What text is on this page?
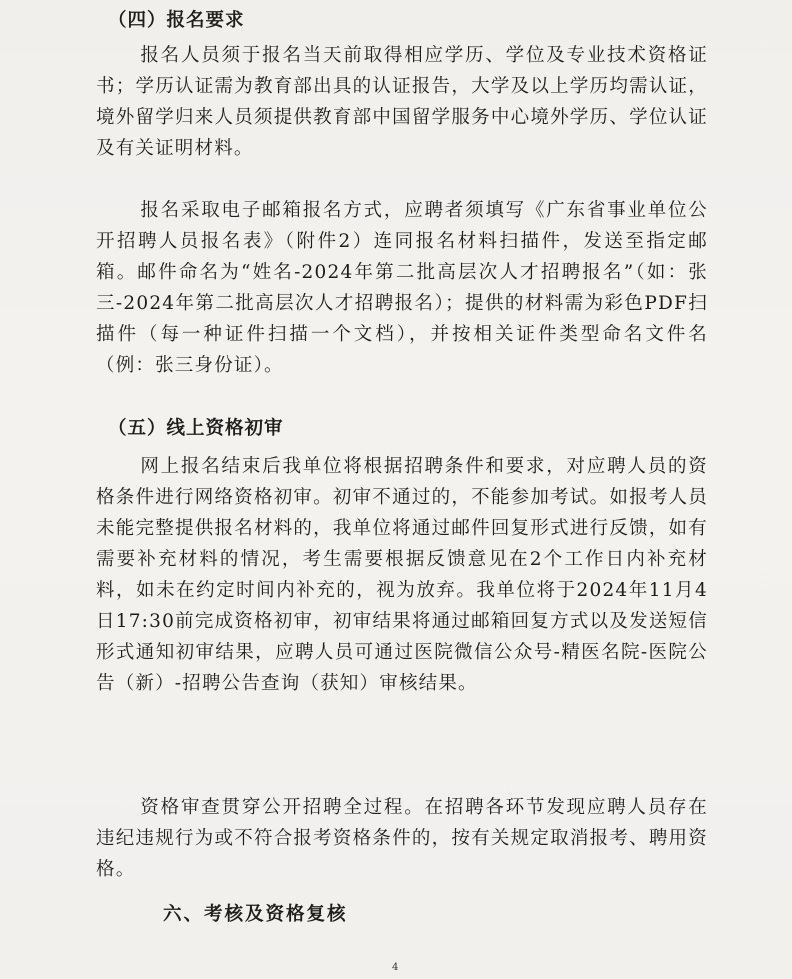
（四）报名要求
报名人员须于报名当天前取得相应学历、学位及专业技术资格证书；学历认证需为教育部出具的认证报告，大学及以上学历均需认证，境外留学归来人员须提供教育部中国留学服务中心境外学历、学位认证及有关证明材料。
报名采取电子邮箱报名方式，应聘者须填写《广东省事业单位公开招聘人员报名表》（附件2）连同报名材料扫描件，发送至指定邮箱。邮件命名为“姓名-2024年第二批高层次人才招聘报名”（如：张三-2024年第二批高层次人才招聘报名）；提供的材料需为彩色PDF扫描件（每一种证件扫描一个文档），并按相关证件类型命名文件名（例：张三身份证）。
（五）线上资格初审
网上报名结束后我单位将根据招聘条件和要求，对应聘人员的资格条件进行网络资格初审。初审不通过的，不能参加考试。如报考人员未能完整提供报名材料的，我单位将通过邮件回复形式进行反馈，如有需要补充材料的情况，考生需要根据反馈意见在2个工作日内补充材料，如未在约定时间内补充的，视为放弃。我单位将于2024年11月4日17:30前完成资格初审，初审结果将通过邮箱回复方式以及发送短信形式通知初审结果，应聘人员可通过医院微信公众号-精医名院-医院公告（新）-招聘公告查询（获知）审核结果。
资格审查贯穿公开招聘全过程。在招聘各环节发现应聘人员存在违纪违规行为或不符合报考资格条件的，按有关规定取消报考、聘用资格。
六、考核及资格复核
4
